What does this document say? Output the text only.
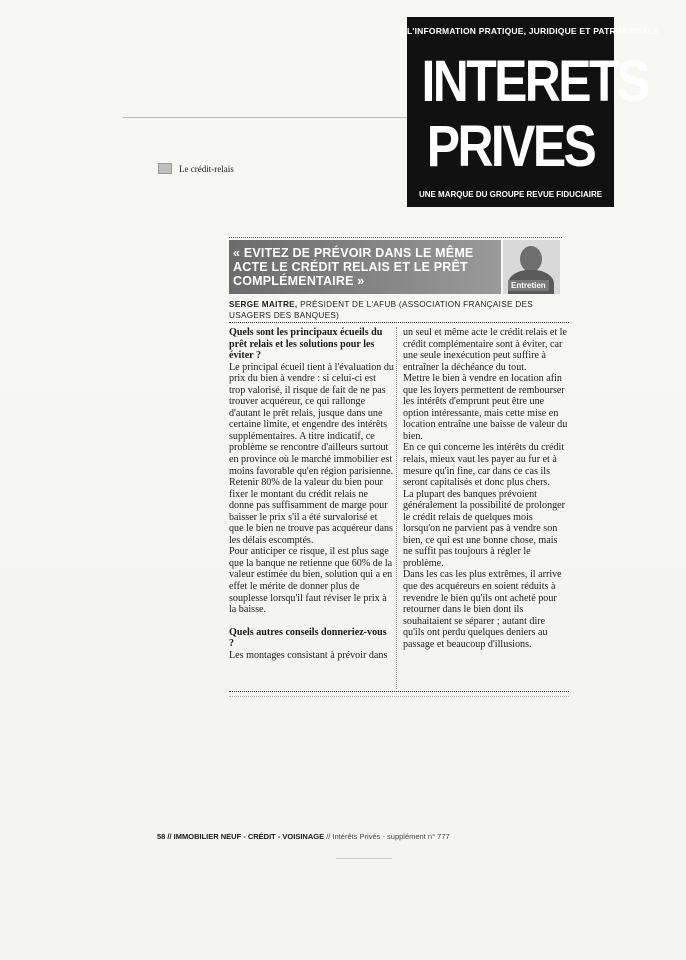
L'INFORMATION PRATIQUE, JURIDIQUE ET PATRIMONIALE
INTERETS
PRIVES
UNE MARQUE DU GROUPE REVUE FIDUCIAIRE
Le crédit-relais
« EVITEZ DE PRÉVOIR DANS LE MÊME ACTE LE CRÉDIT RELAIS ET LE PRÊT COMPLÉMENTAIRE »	Entretien
SERGE MAITRE, PRÉSIDENT DE L'AFUB (ASSOCIATION FRANÇAISE DES USAGERS DES BANQUES)

Quels sont les principaux écueils du prêt relais et les solutions pour les éviter ?

Le principal écueil tient à l'évaluation du prix du bien à vendre : si celui-ci est trop valorisé, il risque de fait de ne pas trouver acquéreur, ce qui rallonge d'autant le prêt relais, jusque dans une certaine limite, et engendre des intérêts supplémentaires. A titre indicatif, ce problème se rencontre d'ailleurs surtout en province où le marché immobilier est moins favorable qu'en région parisienne.

Retenir 80% de la valeur du bien pour fixer le montant du crédit relais ne donne pas suffisamment de marge pour baisser le prix s'il a été survalorisé et que le bien ne trouve pas acquéreur dans les délais escomptés.

Pour anticiper ce risque, il est plus sage que la banque ne retienne que 60% de la valeur estimée du bien, solution qui a en effet le mérite de donner plus de souplesse lorsqu'il faut réviser le prix à la baisse.

Quels autres conseils donneriez-vous ?

Les montages consistant à prévoir dans

un seul et même acte le crédit relais et le crédit complémentaire sont à éviter, car une seule inexécution peut suffire à entraîner la déchéance du tout.

Mettre le bien à vendre en location afin que les loyers permettent de rembourser les intérêts d'emprunt peut être une option intéressante, mais cette mise en location entraîne une baisse de valeur du bien.

En ce qui concerne les intérêts du crédit relais, mieux vaut les payer au fur et à mesure qu'in fine, car dans ce cas ils seront capitalisés et donc plus chers.

La plupart des banques prévoient généralement la possibilité de prolonger le crédit relais de quelques mois lorsqu'on ne parvient pas à vendre son bien, ce qui est une bonne chose, mais ne suffit pas toujours à régler le problème.

Dans les cas les plus extrêmes, il arrive que des acquéreurs en soient réduits à revendre le bien qu'ils ont acheté pour retourner dans le bien dont ils souhaitaient se séparer ; autant dire qu'ils ont perdu quelques deniers au passage et beaucoup d'illusions.

58 // IMMOBILIER NEUF - CRÉDIT - VOISINAGE // Intérêts Privés - supplément n° 777
